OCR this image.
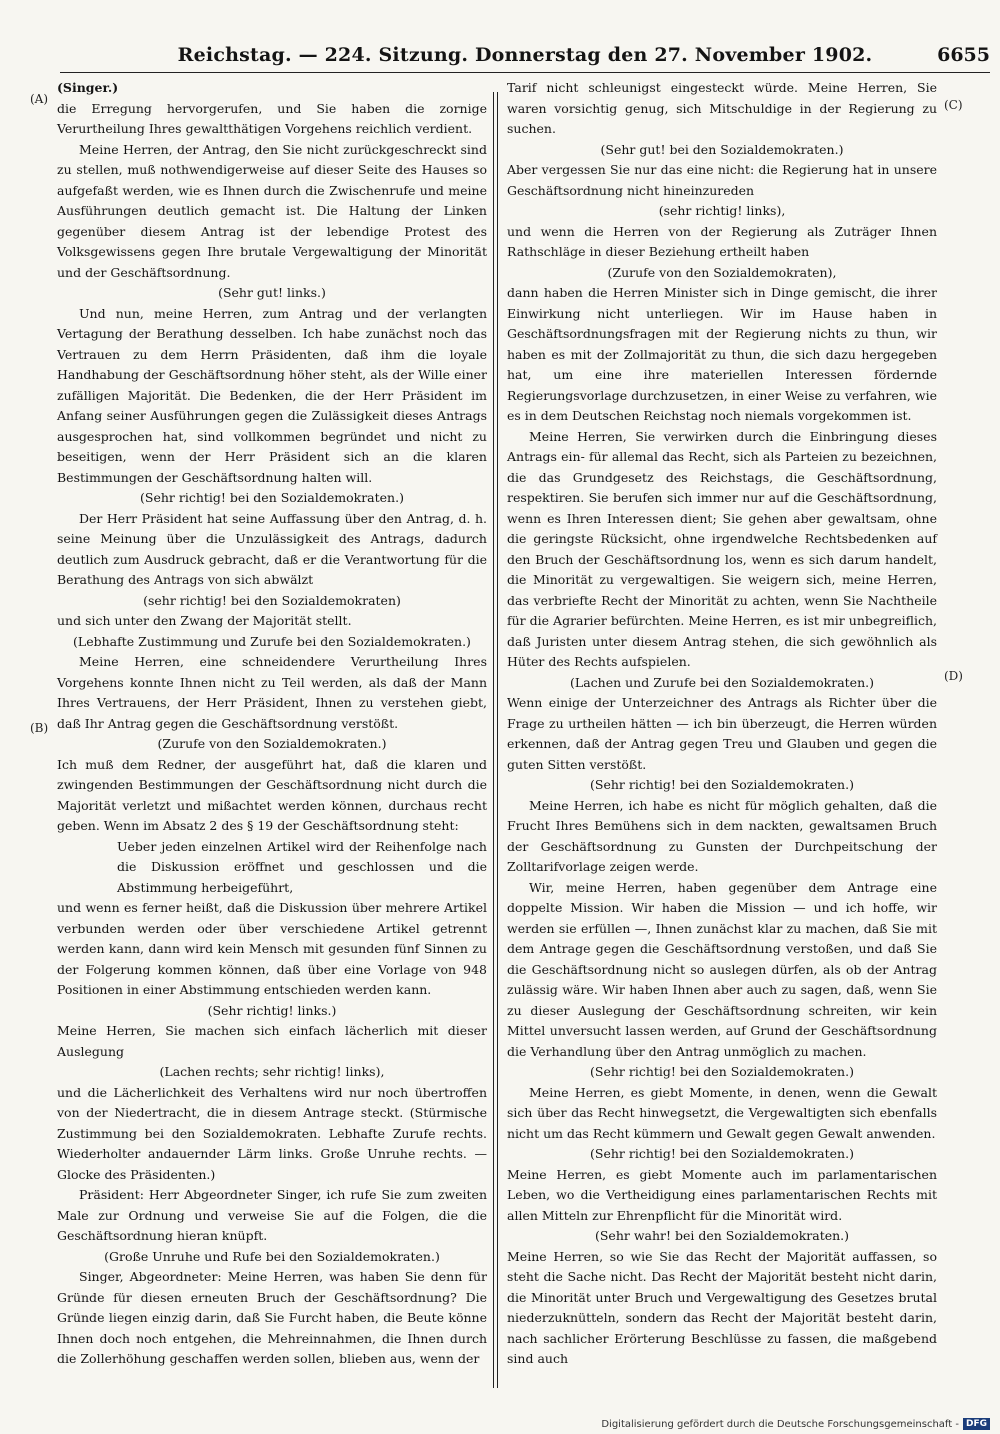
Reichstag. — 224. Sitzung. Donnerstag den 27. November 1902.	6655
(A)
(B)
(C)
(D)

(Singer.)

die Erregung hervorgerufen, und Sie haben die zornige Verurtheilung Ihres gewaltthätigen Vorgehens reichlich verdient.

Meine Herren, der Antrag, den Sie nicht zurückgeschreckt sind zu stellen, muß nothwendigerweise auf dieser Seite des Hauses so aufgefaßt werden, wie es Ihnen durch die Zwischenrufe und meine Ausführungen deutlich gemacht ist. Die Haltung der Linken gegenüber diesem Antrag ist der lebendige Protest des Volksgewissens gegen Ihre brutale Vergewaltigung der Minorität und der Geschäftsordnung.

(Sehr gut! links.)

Und nun, meine Herren, zum Antrag und der verlangten Vertagung der Berathung desselben. Ich habe zunächst noch das Vertrauen zu dem Herrn Präsidenten, daß ihm die loyale Handhabung der Geschäftsordnung höher steht, als der Wille einer zufälligen Majorität. Die Bedenken, die der Herr Präsident im Anfang seiner Ausführungen gegen die Zulässigkeit dieses Antrags ausgesprochen hat, sind vollkommen begründet und nicht zu beseitigen, wenn der Herr Präsident sich an die klaren Bestimmungen der Geschäftsordnung halten will.

(Sehr richtig! bei den Sozialdemokraten.)

Der Herr Präsident hat seine Auffassung über den Antrag, d. h. seine Meinung über die Unzulässigkeit des Antrags, dadurch deutlich zum Ausdruck gebracht, daß er die Verantwortung für die Berathung des Antrags von sich abwälzt

(sehr richtig! bei den Sozialdemokraten)

und sich unter den Zwang der Majorität stellt.

(Lebhafte Zustimmung und Zurufe bei den Sozialdemokraten.)

Meine Herren, eine schneidendere Verurtheilung Ihres Vorgehens konnte Ihnen nicht zu Teil werden, als daß der Mann Ihres Vertrauens, der Herr Präsident, Ihnen zu verstehen giebt, daß Ihr Antrag gegen die Geschäftsordnung verstößt.

(Zurufe von den Sozialdemokraten.)

Ich muß dem Redner, der ausgeführt hat, daß die klaren und zwingenden Bestimmungen der Geschäftsordnung nicht durch die Majorität verletzt und mißachtet werden können, durchaus recht geben. Wenn im Absatz 2 des § 19 der Geschäftsordnung steht:

Ueber jeden einzelnen Artikel wird der Reihenfolge nach die Diskussion eröffnet und geschlossen und die Abstimmung herbeigeführt,

und wenn es ferner heißt, daß die Diskussion über mehrere Artikel verbunden werden oder über verschiedene Artikel getrennt werden kann, dann wird kein Mensch mit gesunden fünf Sinnen zu der Folgerung kommen können, daß über eine Vorlage von 948 Positionen in einer Abstimmung entschieden werden kann.

(Sehr richtig! links.)

Meine Herren, Sie machen sich einfach lächerlich mit dieser Auslegung

(Lachen rechts; sehr richtig! links),

und die Lächerlichkeit des Verhaltens wird nur noch übertroffen von der Niedertracht, die in diesem Antrage steckt. (Stürmische Zustimmung bei den Sozialdemokraten. Lebhafte Zurufe rechts. Wiederholter andauernder Lärm links. Große Unruhe rechts. — Glocke des Präsidenten.)

Präsident: Herr Abgeordneter Singer, ich rufe Sie zum zweiten Male zur Ordnung und verweise Sie auf die Folgen, die die Geschäftsordnung hieran knüpft.

(Große Unruhe und Rufe bei den Sozialdemokraten.)

Singer, Abgeordneter: Meine Herren, was haben Sie denn für Gründe für diesen erneuten Bruch der Geschäftsordnung? Die Gründe liegen einzig darin, daß Sie Furcht haben, die Beute könne Ihnen doch noch entgehen, die Mehreinnahmen, die Ihnen durch die Zollerhöhung geschaffen werden sollen, blieben aus, wenn der

Tarif nicht schleunigst eingesteckt würde. Meine Herren, Sie waren vorsichtig genug, sich Mitschuldige in der Regierung zu suchen.

(Sehr gut! bei den Sozialdemokraten.)

Aber vergessen Sie nur das eine nicht: die Regierung hat in unsere Geschäftsordnung nicht hineinzureden

(sehr richtig! links),

und wenn die Herren von der Regierung als Zuträger Ihnen Rathschläge in dieser Beziehung ertheilt haben

(Zurufe von den Sozialdemokraten),

dann haben die Herren Minister sich in Dinge gemischt, die ihrer Einwirkung nicht unterliegen. Wir im Hause haben in Geschäftsordnungsfragen mit der Regierung nichts zu thun, wir haben es mit der Zollmajorität zu thun, die sich dazu hergegeben hat, um eine ihre materiellen Interessen fördernde Regierungsvorlage durchzusetzen, in einer Weise zu verfahren, wie es in dem Deutschen Reichstag noch niemals vorgekommen ist.

Meine Herren, Sie verwirken durch die Einbringung dieses Antrags ein- für allemal das Recht, sich als Parteien zu bezeichnen, die das Grundgesetz des Reichstags, die Geschäftsordnung, respektiren. Sie berufen sich immer nur auf die Geschäftsordnung, wenn es Ihren Interessen dient; Sie gehen aber gewaltsam, ohne die geringste Rücksicht, ohne irgendwelche Rechtsbedenken auf den Bruch der Geschäftsordnung los, wenn es sich darum handelt, die Minorität zu vergewaltigen. Sie weigern sich, meine Herren, das verbriefte Recht der Minorität zu achten, wenn Sie Nachtheile für die Agrarier befürchten. Meine Herren, es ist mir unbegreiflich, daß Juristen unter diesem Antrag stehen, die sich gewöhnlich als Hüter des Rechts aufspielen.

(Lachen und Zurufe bei den Sozialdemokraten.)

Wenn einige der Unterzeichner des Antrags als Richter über die Frage zu urtheilen hätten — ich bin überzeugt, die Herren würden erkennen, daß der Antrag gegen Treu und Glauben und gegen die guten Sitten verstößt.

(Sehr richtig! bei den Sozialdemokraten.)

Meine Herren, ich habe es nicht für möglich gehalten, daß die Frucht Ihres Bemühens sich in dem nackten, gewaltsamen Bruch der Geschäftsordnung zu Gunsten der Durchpeitschung der Zolltarifvorlage zeigen werde.

Wir, meine Herren, haben gegenüber dem Antrage eine doppelte Mission. Wir haben die Mission — und ich hoffe, wir werden sie erfüllen —, Ihnen zunächst klar zu machen, daß Sie mit dem Antrage gegen die Geschäftsordnung verstoßen, und daß Sie die Geschäftsordnung nicht so auslegen dürfen, als ob der Antrag zulässig wäre. Wir haben Ihnen aber auch zu sagen, daß, wenn Sie zu dieser Auslegung der Geschäftsordnung schreiten, wir kein Mittel unversucht lassen werden, auf Grund der Geschäftsordnung die Verhandlung über den Antrag unmöglich zu machen.

(Sehr richtig! bei den Sozialdemokraten.)

Meine Herren, es giebt Momente, in denen, wenn die Gewalt sich über das Recht hinwegsetzt, die Vergewaltigten sich ebenfalls nicht um das Recht kümmern und Gewalt gegen Gewalt anwenden.

(Sehr richtig! bei den Sozialdemokraten.)

Meine Herren, es giebt Momente auch im parlamentarischen Leben, wo die Vertheidigung eines parlamentarischen Rechts mit allen Mitteln zur Ehrenpflicht für die Minorität wird.

(Sehr wahr! bei den Sozialdemokraten.)

Meine Herren, so wie Sie das Recht der Majorität auffassen, so steht die Sache nicht. Das Recht der Majorität besteht nicht darin, die Minorität unter Bruch und Vergewaltigung des Gesetzes brutal niederzuknütteln, sondern das Recht der Majorität besteht darin, nach sachlicher Erörterung Beschlüsse zu fassen, die maßgebend sind auch

Digitalisierung gefördert durch die Deutsche Forschungsgemeinschaft - DFG
